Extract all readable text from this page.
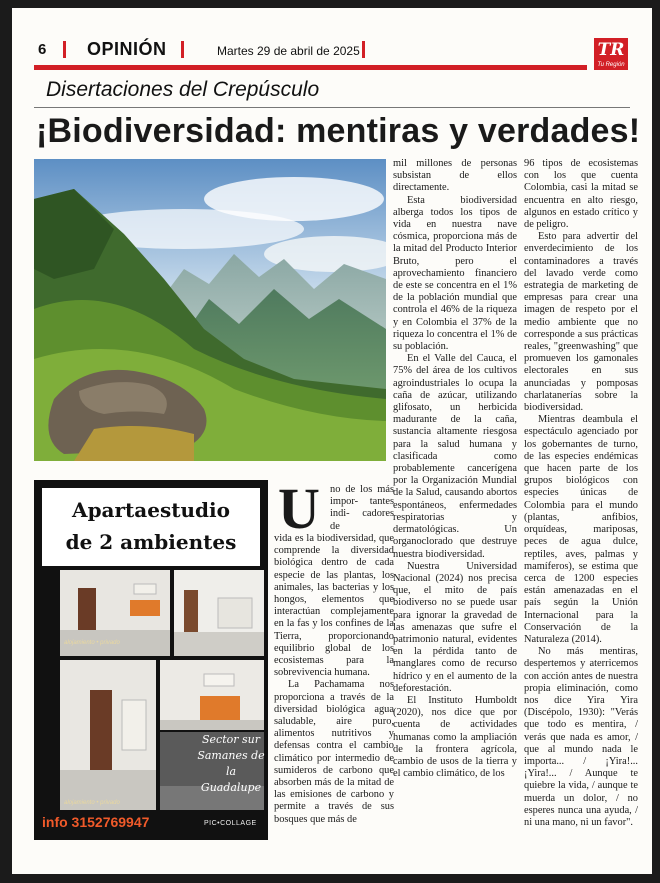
6 OPINIÓN	Martes 29 de abril de 2025	TR
Tu Región
Disertaciones del Crepúsculo
¡Biodiversidad: mentiras y verdades!
Apartaestudio
de 2 ambientes
alojamiento • privado
alojamiento • privado
Sector sur
Samanes de la
Guadalupe
info 3152769947	PIC•COLLAGE
U no de los más impor- tantes indi- cadores de

vida es la biodiversidad, que comprende la diversidad biológica dentro de cada especie de las plantas, los animales, las bacterias y los hongos, elementos que interactúan complejamente en la fas y los confines de la Tierra, proporcionando equilibrio global de los ecosistemas para la sobrevivencia humana.

La Pachamama nos proporciona a través de la diversidad biológica agua saludable, aire puro, alimentos nutritivos y defensas contra el cambio climático por intermedio de sumideros de carbono que absorben más de la mitad de las emisiones de carbono y permite a través de sus bosques que más de

mil millones de personas subsistan de ellos directamente.

Esta biodiversidad alberga todos los tipos de vida en nuestra nave cósmica, proporciona más de la mitad del Producto Interior Bruto, pero el aprovechamiento financiero de este se concentra en el 1% de la población mundial que controla el 46% de la riqueza y en Colombia el 37% de la riqueza lo concentra el 1% de su población.

En el Valle del Cauca, el 75% del área de los cultivos agroindustriales lo ocupa la caña de azúcar, utilizando glifosato, un herbicida madurante de la caña, sustancia altamente riesgosa para la salud humana y clasificada como probablemente cancerígena por la Organización Mundial de la Salud, causando abortos espontáneos, enfermedades respiratorias y dermatológicas. Un organoclorado que destruye nuestra biodiversidad.

Nuestra Universidad Nacional (2024) nos precisa que, el mito de país biodiverso no se puede usar para ignorar la gravedad de las amenazas que sufre el patrimonio natural, evidentes en la pérdida tanto de manglares como de recurso hídrico y en el aumento de la deforestación.

El Instituto Humboldt (2020), nos dice que por cuenta de actividades humanas como la ampliación de la frontera agrícola, cambio de usos de la tierra y el cambio climático, de los

96 tipos de ecosistemas con los que cuenta Colombia, casi la mitad se encuentra en alto riesgo, algunos en estado crítico y de peligro.

Esto para advertir del enverdecimiento de los contaminadores a través del lavado verde como estrategia de marketing de empresas para crear una imagen de respeto por el medio ambiente que no corresponde a sus prácticas reales, "greenwashing" que promueven los gamonales electorales en sus anunciadas y pomposas charlatanerías sobre la biodiversidad.

Mientras deambula el espectáculo agenciado por los gobernantes de turno, de las especies endémicas que hacen parte de los grupos biológicos con especies únicas de Colombia para el mundo (plantas, anfibios, orquídeas, mariposas, peces de agua dulce, reptiles, aves, palmas y mamíferos), se estima que cerca de 1200 especies están amenazadas en el país según la Unión Internacional para la Conservación de la Naturaleza (2014).

No más mentiras, despertemos y aterricemos con acción antes de nuestra propia eliminación, como nos dice Yira Yira (Discépolo, 1930): "Verás que todo es mentira, / verás que nada es amor, / que al mundo nada le importa... / ¡Yira!... ¡Yira!... / Aunque te quiebre la vida, / aunque te muerda un dolor, / no esperes nunca una ayuda, / ni una mano, ni un favor".
